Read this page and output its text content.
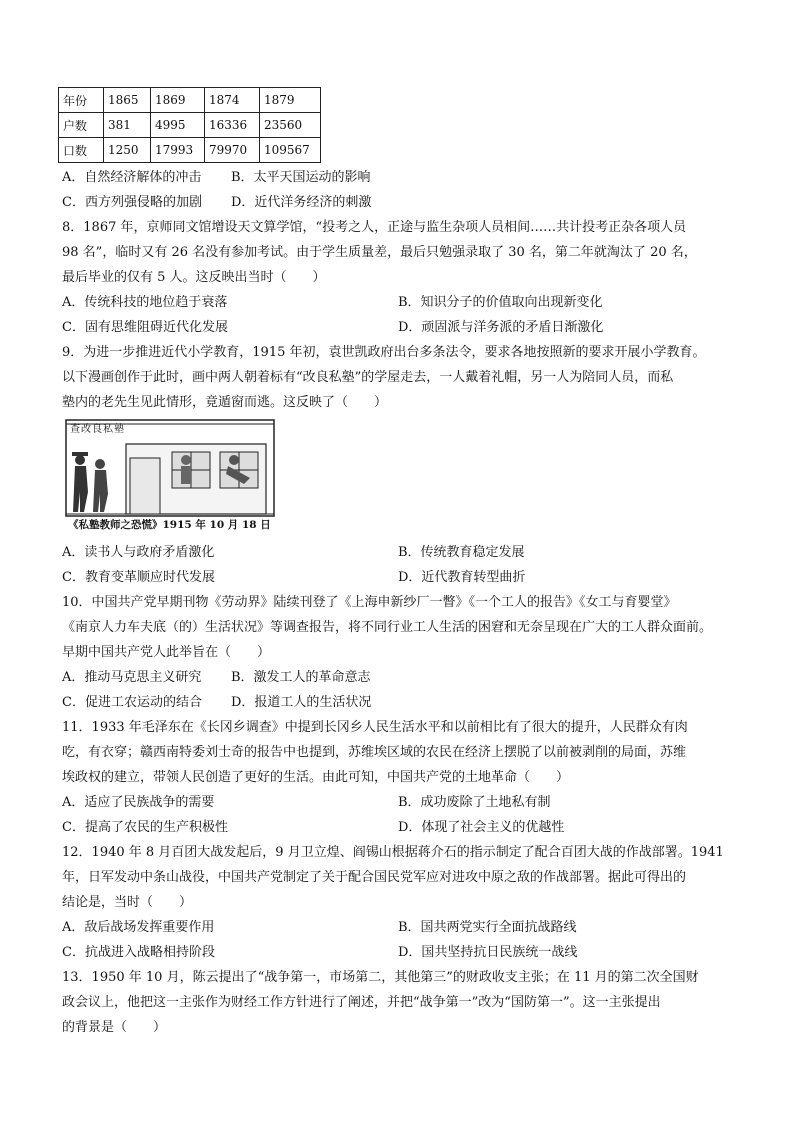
年份	1865	1869	1874	1879
户数	381	4995	16336	23560
口数	1250	17993	79970	109567
A．自然经济解体的冲击 B．太平天国运动的影响
C．西方列强侵略的加剧 D．近代洋务经济的刺激
8．1867 年，京师同文馆增设天文算学馆，“投考之人，正途与监生杂项人员相间……共计投考正杂各项人员
98 名”，临时又有 26 名没有参加考试。由于学生质量差，最后只勉强录取了 30 名，第二年就淘汰了 20 名，
最后毕业的仅有 5 人。这反映出当时（　　）
A．传统科技的地位趋于衰落	B．知识分子的价值取向出现新变化
C．固有思维阻碍近代化发展	D．顽固派与洋务派的矛盾日渐激化
9．为进一步推进近代小学教育，1915 年初，袁世凯政府出台多条法令，要求各地按照新的要求开展小学教育。
以下漫画创作于此时，画中两人朝着标有“改良私塾”的学屋走去，一人戴着礼帽，另一人为陪同人员，而私
塾内的老先生见此情形，竟遁窗而逃。这反映了（　　）
查改良私塾
《私塾教师之恐慌》1915 年 10 月 18 日
A．读书人与政府矛盾激化	B．传统教育稳定发展
C．教育变革顺应时代发展	D．近代教育转型曲折
10．中国共产党早期刊物《劳动界》陆续刊登了《上海申新纱厂一瞥》《一个工人的报告》《女工与育婴堂》
《南京人力车夫底（的）生活状况》等调查报告，将不同行业工人生活的困窘和无奈呈现在广大的工人群众面前。
早期中国共产党人此举旨在（　　）
A．推动马克思主义研究 B．激发工人的革命意志
C．促进工农运动的结合 D．报道工人的生活状况
11．1933 年毛泽东在《长冈乡调查》中提到长冈乡人民生活水平和以前相比有了很大的提升，人民群众有肉
吃，有衣穿；赣西南特委刘士奇的报告中也提到，苏维埃区域的农民在经济上摆脱了以前被剥削的局面，苏维
埃政权的建立，带领人民创造了更好的生活。由此可知，中国共产党的土地革命（　　）
A．适应了民族战争的需要	B．成功废除了土地私有制
C．提高了农民的生产积极性	D．体现了社会主义的优越性
12．1940 年 8 月百团大战发起后，9 月卫立煌、阎锡山根据蒋介石的指示制定了配合百团大战的作战部署。1941
年，日军发动中条山战役，中国共产党制定了关于配合国民党军应对进攻中原之敌的作战部署。据此可得出的
结论是，当时（　　）
A．敌后战场发挥重要作用	B．国共两党实行全面抗战路线
C．抗战进入战略相持阶段	D．国共坚持抗日民族统一战线
13．1950 年 10 月，陈云提出了“战争第一，市场第二，其他第三”的财政收支主张；在 11 月的第二次全国财
政会议上，他把这一主张作为财经工作方针进行了阐述，并把“战争第一”改为“国防第一”。这一主张提出
的背景是（　　）
